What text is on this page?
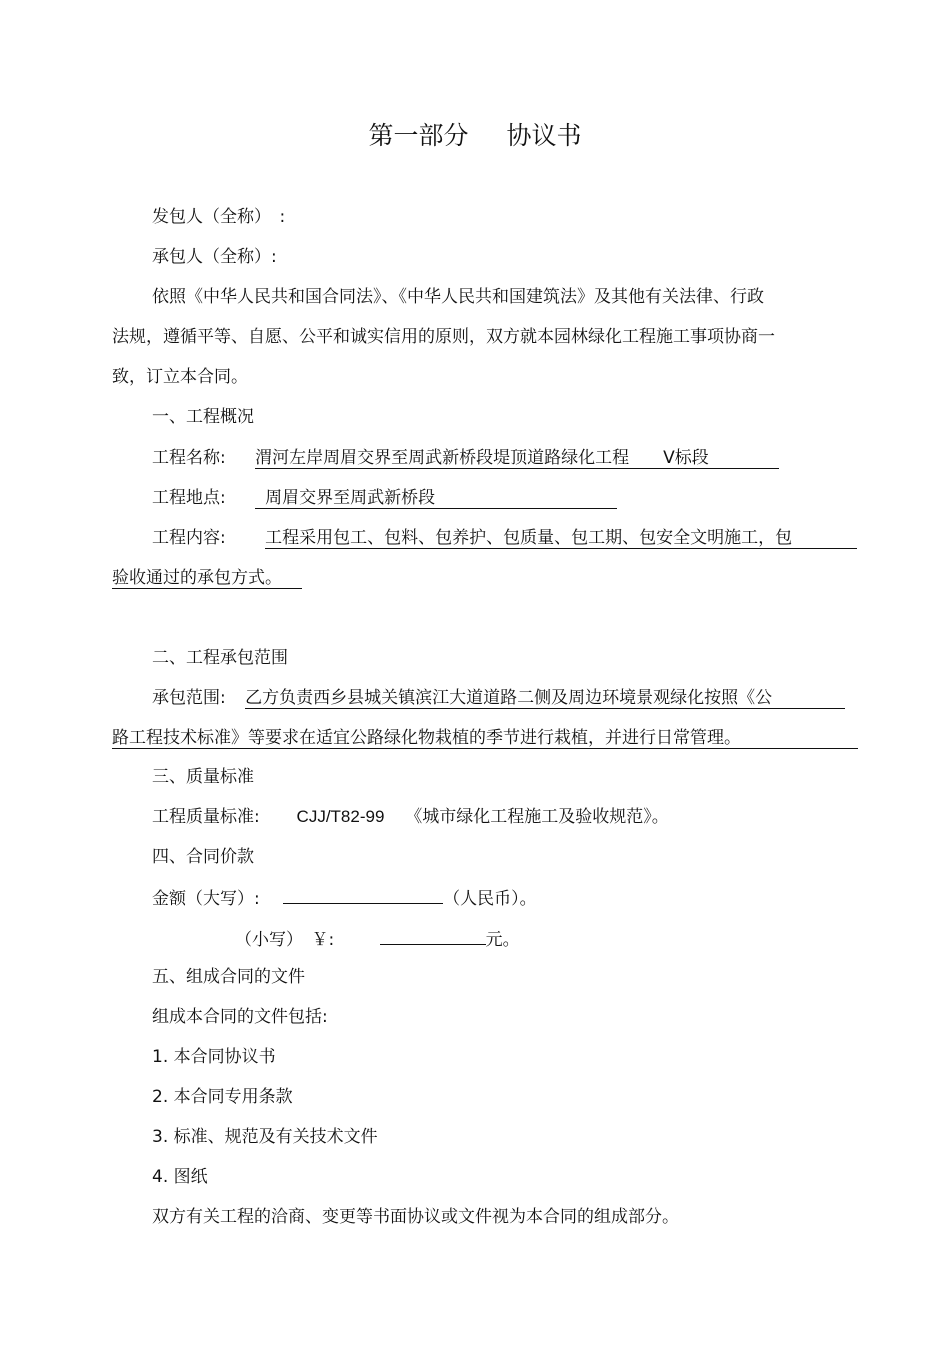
第一部分 协议书
发包人（全称）　:
承包人（全称）:
依照《中华人民共和国合同法》、《中华人民共和国建筑法》及其他有关法律、行政
法规，遵循平等、自愿、公平和诚实信用的原则，双方就本园林绿化工程施工事项协商一
致，订立本合同。
一、工程概况
工程名称: 渭河左岸周眉交界至周武新桥段堤顶道路绿化工程　　V标段
工程地点: 周眉交界至周武新桥段
工程内容: 工程采用包工、包料、包养护、包质量、包工期、包安全文明施工，包
验收通过的承包方式。
二、工程承包范围
承包范围: 乙方负责西乡县城关镇滨江大道道路二侧及周边环境景观绿化按照《公
路工程技术标准》等要求在适宜公路绿化物栽植的季节进行栽植，并进行日常管理。
三、质量标准
工程质量标准: CJJ/T82-99 《城市绿化工程施工及验收规范》。
四、合同价款
金额（大写）:	（人民币）。
（小写）　￥:	元。
五、组成合同的文件
组成本合同的文件包括:
1. 本合同协议书
2. 本合同专用条款
3. 标准、规范及有关技术文件
4. 图纸
双方有关工程的洽商、变更等书面协议或文件视为本合同的组成部分。
